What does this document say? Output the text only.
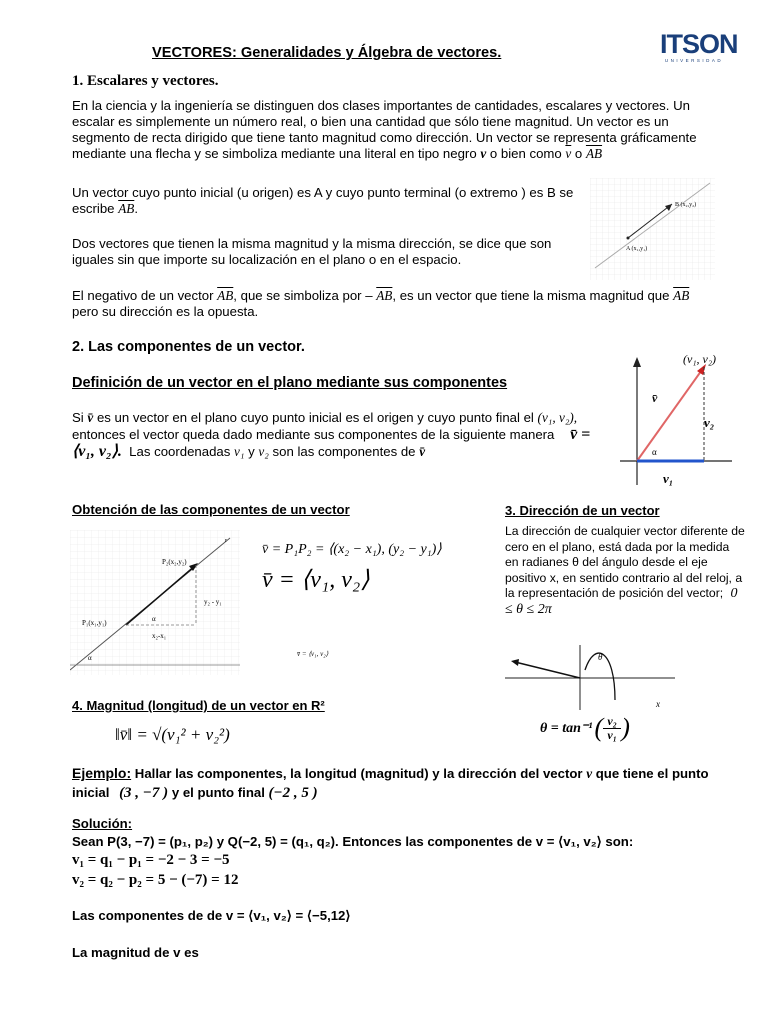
ITSON
UNIVERSIDAD
VECTORES: Generalidades y Álgebra de vectores.
1. Escalares y vectores.
En la ciencia y la ingeniería se distinguen dos clases importantes de cantidades, escalares y vectores. Un escalar es simplemente un número real, o bien una cantidad que sólo tiene magnitud. Un vector es un segmento de recta dirigido que tiene tanto magnitud como dirección. Un vector se representa gráficamente mediante una flecha y se simboliza mediante una literal en tipo negro v o bien como $\overline{v}$ o $\overline{AB}$
Un vector cuyo punto inicial (u origen) es A y cuyo punto terminal (o extremo ) es B se escribe $\overline{AB}$.
Dos vectores que tienen la misma magnitud y la misma dirección, se dice que son iguales sin que importe su localización en el plano o en el espacio.
El negativo de un vector $\overline{AB}$, que se simboliza por – $\overline{AB}$, es un vector que tiene la misma magnitud que $\overline{AB}$
pero su dirección es la opuesta.
B (x₂,y₂)
A (x₁,y₁)
2. Las componentes de un vector.
Definición de un vector en el plano mediante sus componentes
Si v̄ es un vector en el plano cuyo punto inicial es el origen y cuyo punto final el (v₁, v₂),
entonces el vector queda dado mediante sus componentes de la siguiente manera v̄ =
⟨v₁, v₂⟩. Las coordenadas v₁ y v₂ son las componentes de v̄
(v₁, v₂)
v̄
v₂
v₁
α
Obtención de las componentes de un vector
P₂(x₂,y₂)
P₁(x₁,y₁)
y₂ - y₁
x₂-x₁
α
α
r
v̄ = P₁P₂ = ⟨(x₂ − x₁), (y₂ − y₁)⟩
v̄ = ⟨v₁, v₂⟩
v̄ = ⟨v₁, v₂⟩
3. Dirección de un vector
La dirección de cualquier vector diferente de cero en el plano, está dada por la medida en radianes θ del ángulo desde el eje positivo x, en sentido contrario al del reloj, a la representación de posición del vector; 0 ≤ θ ≤ 2π
θ
x
θ = tan⁻¹ ( v₂
v₁ )
4. Magnitud (longitud) de un vector en R²
‖v̄‖ = √(v₁² + v₂²)
Ejemplo: Hallar las componentes, la longitud (magnitud) y la dirección del vector v que tiene el punto inicial (3 , −7 ) y el punto final (−2 , 5 )
Solución:
Sean P(3, −7) = (p₁, p₂) y Q(−2, 5) = (q₁, q₂). Entonces las componentes de v = ⟨v₁, v₂⟩ son:
v₁ = q₁ − p₁ = −2 − 3 = −5
v₂ = q₂ − p₂ = 5 − (−7) = 12
Las componentes de de v = ⟨v₁, v₂⟩ = ⟨−5,12⟩
La magnitud de v es
